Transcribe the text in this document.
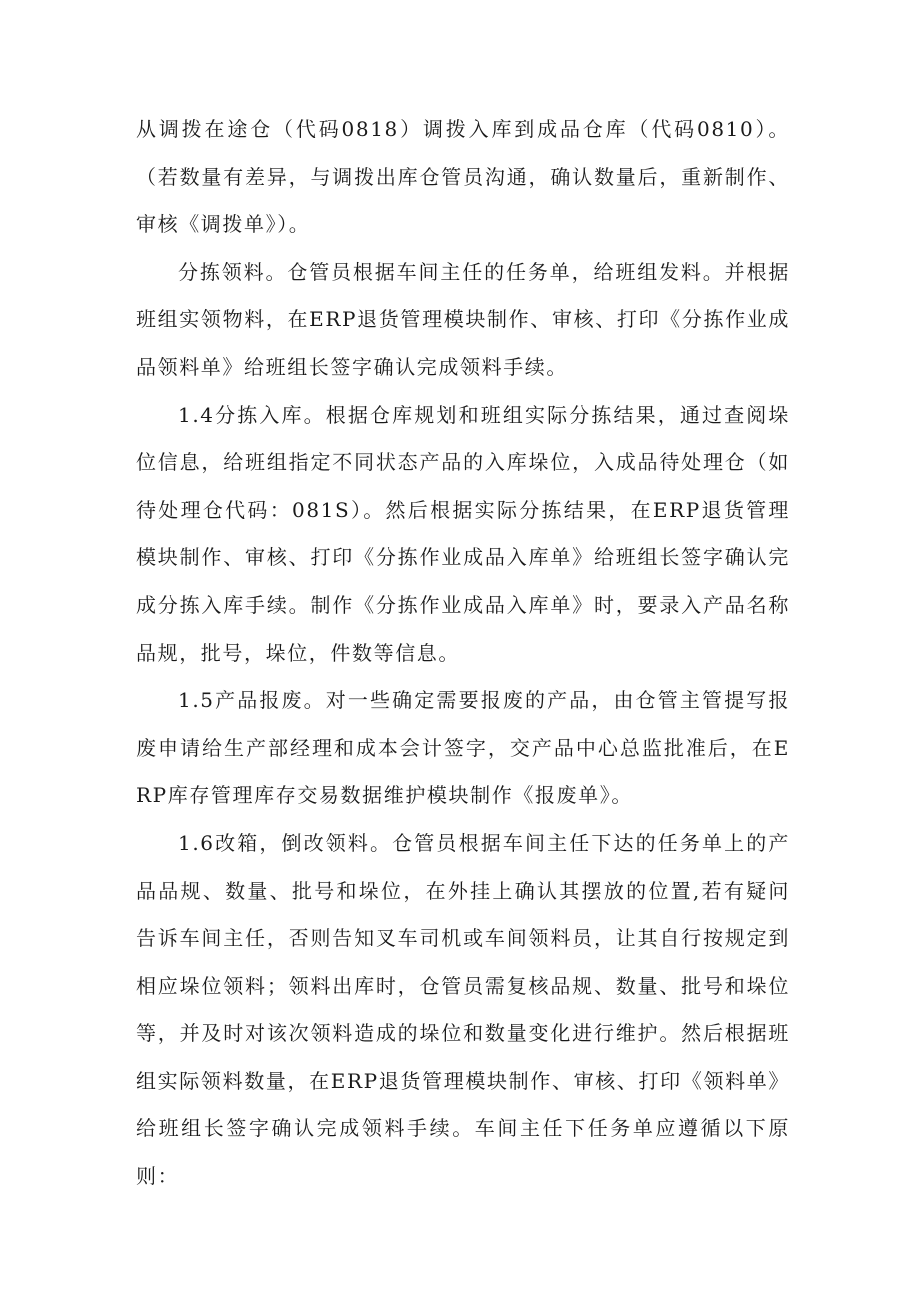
从调拨在途仓（代码0818）调拨入库到成品仓库（代码0810）。（若数量有差异，与调拨出库仓管员沟通，确认数量后，重新制作、审核《调拨单》）。

分拣领料。仓管员根据车间主任的任务单，给班组发料。并根据班组实领物料，在ERP退货管理模块制作、审核、打印《分拣作业成品领料单》给班组长签字确认完成领料手续。

1.4分拣入库。根据仓库规划和班组实际分拣结果，通过查阅垛位信息，给班组指定不同状态产品的入库垛位，入成品待处理仓（如待处理仓代码：081S）。然后根据实际分拣结果，在ERP退货管理模块制作、审核、打印《分拣作业成品入库单》给班组长签字确认完成分拣入库手续。制作《分拣作业成品入库单》时，要录入产品名称品规，批号，垛位，件数等信息。

1.5产品报废。对一些确定需要报废的产品，由仓管主管提写报废申请给生产部经理和成本会计签字，交产品中心总监批准后，在ERP库存管理库存交易数据维护模块制作《报废单》。

1.6改箱，倒改领料。仓管员根据车间主任下达的任务单上的产品品规、数量、批号和垛位，在外挂上确认其摆放的位置,若有疑问告诉车间主任，否则告知叉车司机或车间领料员，让其自行按规定到相应垛位领料；领料出库时，仓管员需复核品规、数量、批号和垛位等，并及时对该次领料造成的垛位和数量变化进行维护。然后根据班组实际领料数量，在ERP退货管理模块制作、审核、打印《领料单》给班组长签字确认完成领料手续。车间主任下任务单应遵循以下原则：
